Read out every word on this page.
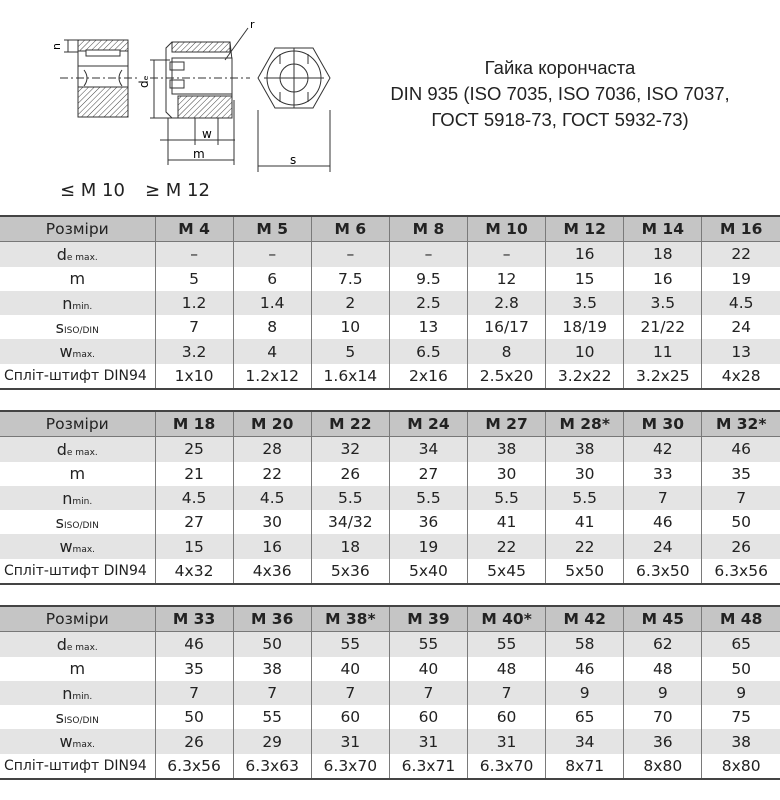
n
dₑ
w
m	s
r
Гайка корончаста
DIN 935 (ISO 7035, ISO 7036, ISO 7037,
ГОСТ 5918-73, ГОСТ 5932-73)
≤ M 10 ≥ M 12
Розміри	M 4	M 5	M 6	M 8	M 10	M 12	M 14	M 16
de max.	–	–	–	–	–	16	18	22
m	5	6	7.5	9.5	12	15	16	19
nmin.	1.2	1.4	2	2.5	2.8	3.5	3.5	4.5
sISO/DIN	7	8	10	13	16/17	18/19	21/22	24
wmax.	3.2	4	5	6.5	8	10	11	13
Спліт-штифт DIN94	1x10	1.2x12	1.6x14	2x16	2.5x20	3.2x22	3.2x25	4x28
Розміри	M 18	M 20	M 22	M 24	M 27	M 28*	M 30	M 32*
de max.	25	28	32	34	38	38	42	46
m	21	22	26	27	30	30	33	35
nmin.	4.5	4.5	5.5	5.5	5.5	5.5	7	7
sISO/DIN	27	30	34/32	36	41	41	46	50
wmax.	15	16	18	19	22	22	24	26
Спліт-штифт DIN94	4x32	4x36	5x36	5x40	5x45	5x50	6.3x50	6.3x56
Розміри	M 33	M 36	M 38*	M 39	M 40*	M 42	M 45	M 48
de max.	46	50	55	55	55	58	62	65
m	35	38	40	40	48	46	48	50
nmin.	7	7	7	7	7	9	9	9
sISO/DIN	50	55	60	60	60	65	70	75
wmax.	26	29	31	31	31	34	36	38
Спліт-штифт DIN94	6.3x56	6.3x63	6.3x70	6.3x71	6.3x70	8x71	8x80	8x80
